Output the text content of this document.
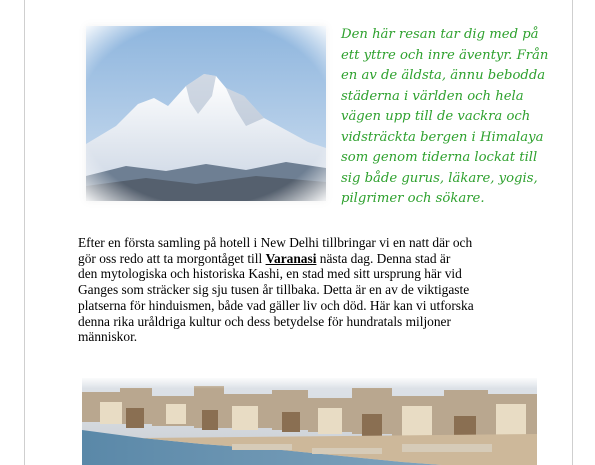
Den här resan tar dig med på
ett yttre och inre äventyr. Från
en av de äldsta, ännu bebodda
städerna i världen och hela
vägen upp till de vackra och
vidsträckta bergen i Himalaya
som genom tiderna lockat till
sig både gurus, läkare, yogis,
pilgrimer och sökare.
Efter en första samling på hotell i New Delhi tillbringar vi en natt där och
gör oss redo att ta morgontåget till Varanasi nästa dag. Denna stad är
den mytologiska och historiska Kashi, en stad med sitt ursprung här vid
Ganges som sträcker sig sju tusen år tillbaka. Detta är en av de viktigaste
platserna för hinduismen, både vad gäller liv och död. Här kan vi utforska
denna rika uråldriga kultur och dess betydelse för hundratals miljoner
människor.
